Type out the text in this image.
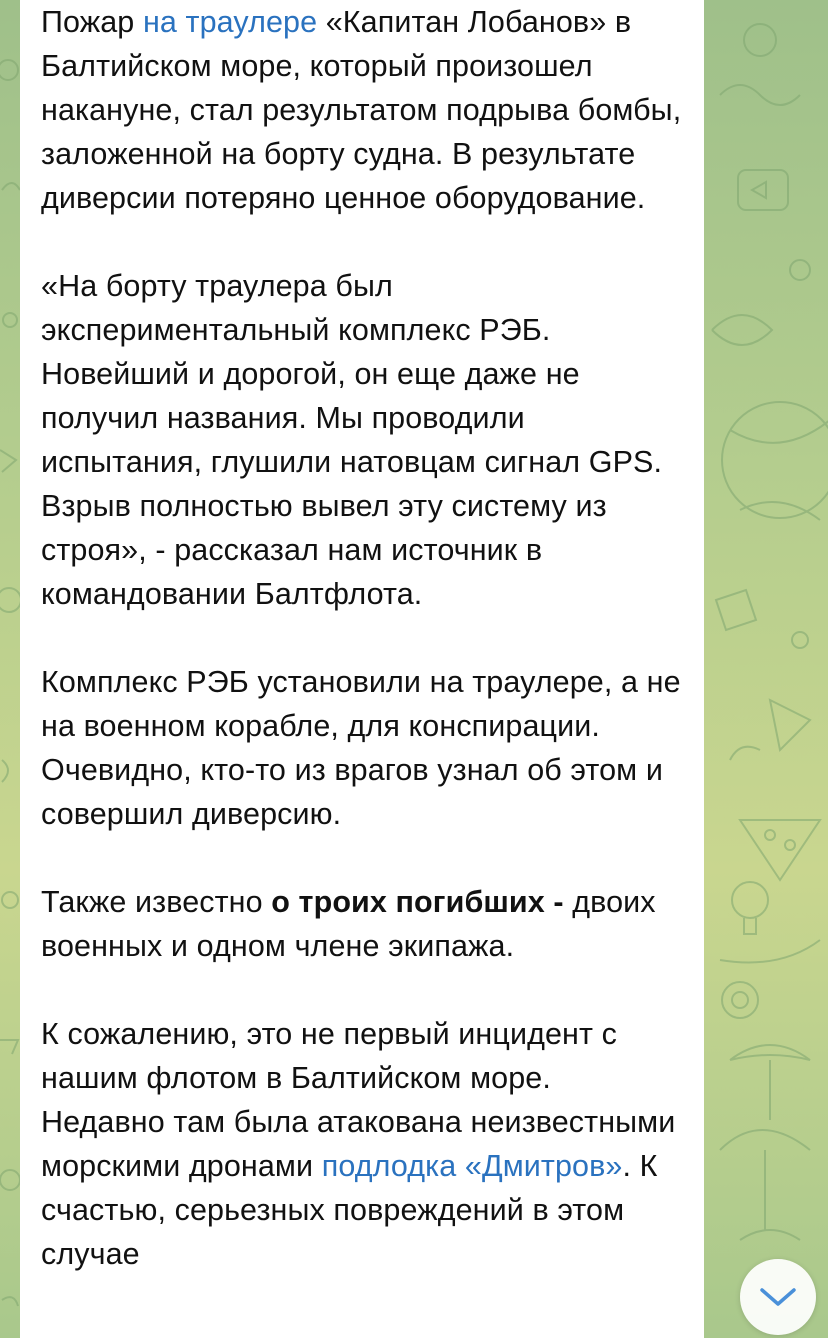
Пожар на траулере «Капитан Лобанов» в Балтийском море, который произошел накануне, стал результатом подрыва бомбы, заложенной на борту судна. В результате диверсии потеряно ценное оборудование.

«На борту траулера был экспериментальный комплекс РЭБ. Новейший и дорогой, он еще даже не получил названия. Мы проводили испытания, глушили натовцам сигнал GPS. Взрыв полностью вывел эту систему из строя», - рассказал нам источник в командовании Балтфлота.

Комплекс РЭБ установили на траулере, а не на военном корабле, для конспирации. Очевидно, кто-то из врагов узнал об этом и совершил диверсию.

Также известно о троих погибших - двоих военных и одном члене экипажа.

К сожалению, это не первый инцидент с нашим флотом в Балтийском море. Недавно там была атакована неизвестными морскими дронами подлодка «Дмитров». К счастью, серьезных повреждений в этом случае
